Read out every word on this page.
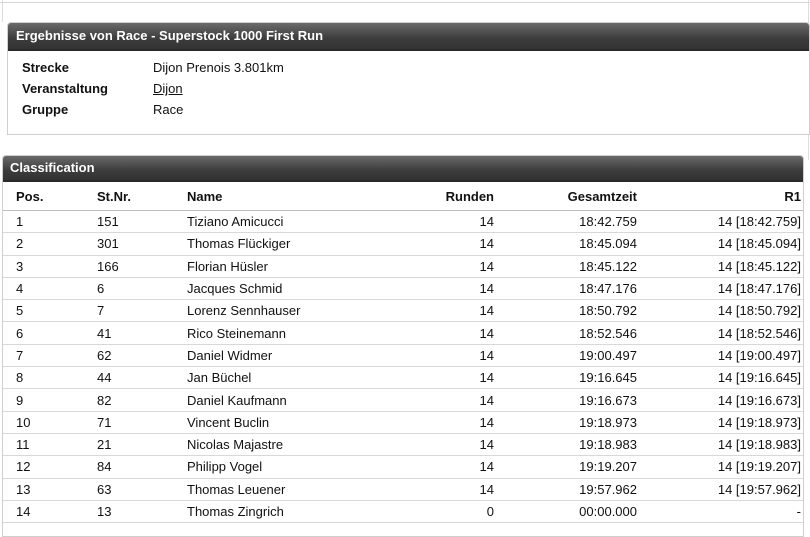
Ergebnisse von Race - Superstock 1000 First Run
Strecke	Dijon Prenois 3.801km
Veranstaltung	Dijon
Gruppe	Race
Classification
Pos.	St.Nr.	Name	Runden	Gesamtzeit	R1
1	151	Tiziano Amicucci	14	18:42.759	14 [18:42.759]
2	301	Thomas Flückiger	14	18:45.094	14 [18:45.094]
3	166	Florian Hüsler	14	18:45.122	14 [18:45.122]
4	6	Jacques Schmid	14	18:47.176	14 [18:47.176]
5	7	Lorenz Sennhauser	14	18:50.792	14 [18:50.792]
6	41	Rico Steinemann	14	18:52.546	14 [18:52.546]
7	62	Daniel Widmer	14	19:00.497	14 [19:00.497]
8	44	Jan Büchel	14	19:16.645	14 [19:16.645]
9	82	Daniel Kaufmann	14	19:16.673	14 [19:16.673]
10	71	Vincent Buclin	14	19:18.973	14 [19:18.973]
11	21	Nicolas Majastre	14	19:18.983	14 [19:18.983]
12	84	Philipp Vogel	14	19:19.207	14 [19:19.207]
13	63	Thomas Leuener	14	19:57.962	14 [19:57.962]
14	13	Thomas Zingrich	0	00:00.000	-
